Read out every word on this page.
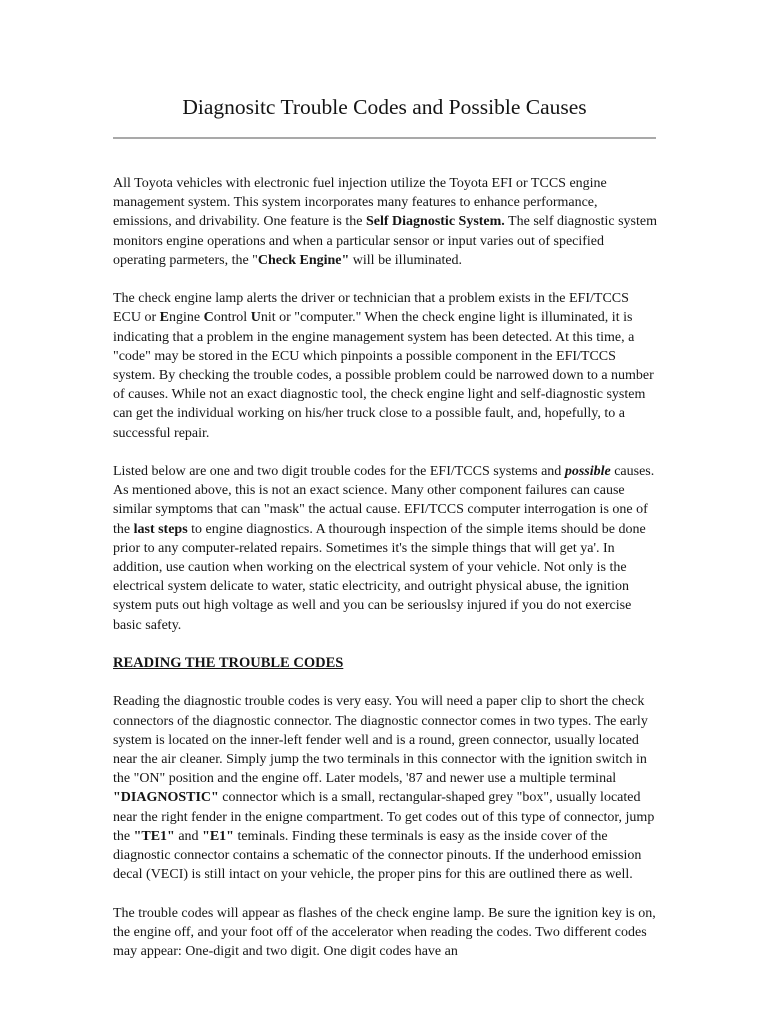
Diagnositc Trouble Codes and Possible Causes

All Toyota vehicles with electronic fuel injection utilize the Toyota EFI or TCCS engine management system. This system incorporates many features to enhance performance, emissions, and drivability. One feature is the Self Diagnostic System. The self diagnostic system monitors engine operations and when a particular sensor or input varies out of specified operating parmeters, the "Check Engine" will be illuminated.

The check engine lamp alerts the driver or technician that a problem exists in the EFI/TCCS ECU or Engine Control Unit or "computer." When the check engine light is illuminated, it is indicating that a problem in the engine management system has been detected. At this time, a "code" may be stored in the ECU which pinpoints a possible component in the EFI/TCCS system. By checking the trouble codes, a possible problem could be narrowed down to a number of causes. While not an exact diagnostic tool, the check engine light and self-diagnostic system can get the individual working on his/her truck close to a possible fault, and, hopefully, to a successful repair.

Listed below are one and two digit trouble codes for the EFI/TCCS systems and possible causes. As mentioned above, this is not an exact science. Many other component failures can cause similar symptoms that can "mask" the actual cause. EFI/TCCS computer interrogation is one of the last steps to engine diagnostics. A thourough inspection of the simple items should be done prior to any computer-related repairs. Sometimes it's the simple things that will get ya'. In addition, use caution when working on the electrical system of your vehicle. Not only is the electrical system delicate to water, static electricity, and outright physical abuse, the ignition system puts out high voltage as well and you can be seriouslsy injured if you do not exercise basic safety.

READING THE TROUBLE CODES

Reading the diagnostic trouble codes is very easy. You will need a paper clip to short the check connectors of the diagnostic connector. The diagnostic connector comes in two types. The early system is located on the inner-left fender well and is a round, green connector, usually located near the air cleaner. Simply jump the two terminals in this connector with the ignition switch in the "ON" position and the engine off. Later models, '87 and newer use a multiple terminal "DIAGNOSTIC" connector which is a small, rectangular-shaped grey "box", usually located near the right fender in the enigne compartment. To get codes out of this type of connector, jump the "TE1" and "E1" teminals. Finding these terminals is easy as the inside cover of the diagnostic connector contains a schematic of the connector pinouts. If the underhood emission decal (VECI) is still intact on your vehicle, the proper pins for this are outlined there as well.

The trouble codes will appear as flashes of the check engine lamp. Be sure the ignition key is on, the engine off, and your foot off of the accelerator when reading the codes. Two different codes may appear: One-digit and two digit. One digit codes have an
